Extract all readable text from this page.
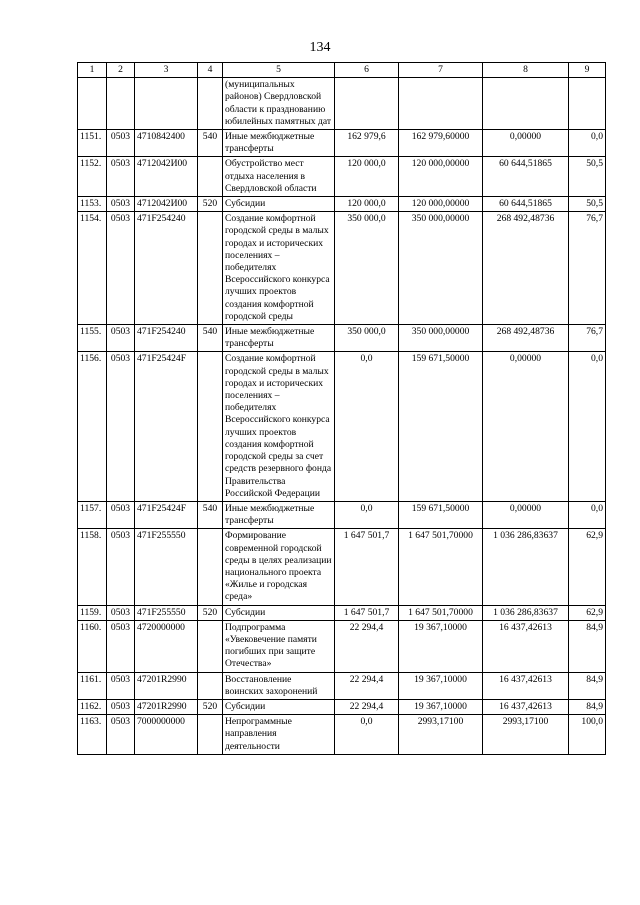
134
1	2	3	4	5	6	7	8	9
				(муниципальных районов) Свердловской области к празднованию юбилейных памятных дат				
1151.	0503	4710842400	540	Иные межбюджетные трансферты	162 979,6	162 979,60000	0,00000	0,0
1152.	0503	4712042И00		Обустройство мест отдыха населения в Свердловской области	120 000,0	120 000,00000	60 644,51865	50,5
1153.	0503	4712042И00	520	Субсидии	120 000,0	120 000,00000	60 644,51865	50,5
1154.	0503	471F254240		Создание комфортной городской среды в малых городах и исторических поселениях – победителях Всероссийского конкурса лучших проектов создания комфортной городской среды	350 000,0	350 000,00000	268 492,48736	76,7
1155.	0503	471F254240	540	Иные межбюджетные трансферты	350 000,0	350 000,00000	268 492,48736	76,7
1156.	0503	471F25424F		Создание комфортной городской среды в малых городах и исторических поселениях – победителях Всероссийского конкурса лучших проектов создания комфортной городской среды за счет средств резервного фонда Правительства Российской Федерации	0,0	159 671,50000	0,00000	0,0
1157.	0503	471F25424F	540	Иные межбюджетные трансферты	0,0	159 671,50000	0,00000	0,0
1158.	0503	471F255550		Формирование современной городской среды в целях реализации национального проекта «Жилье и городская среда»	1 647 501,7	1 647 501,70000	1 036 286,83637	62,9
1159.	0503	471F255550	520	Субсидии	1 647 501,7	1 647 501,70000	1 036 286,83637	62,9
1160.	0503	4720000000		Подпрограмма «Увековечение памяти погибших при защите Отечества»	22 294,4	19 367,10000	16 437,42613	84,9
1161.	0503	47201R2990		Восстановление воинских захоронений	22 294,4	19 367,10000	16 437,42613	84,9
1162.	0503	47201R2990	520	Субсидии	22 294,4	19 367,10000	16 437,42613	84,9
1163.	0503	7000000000		Непрограммные направления деятельности	0,0	2993,17100	2993,17100	100,0
